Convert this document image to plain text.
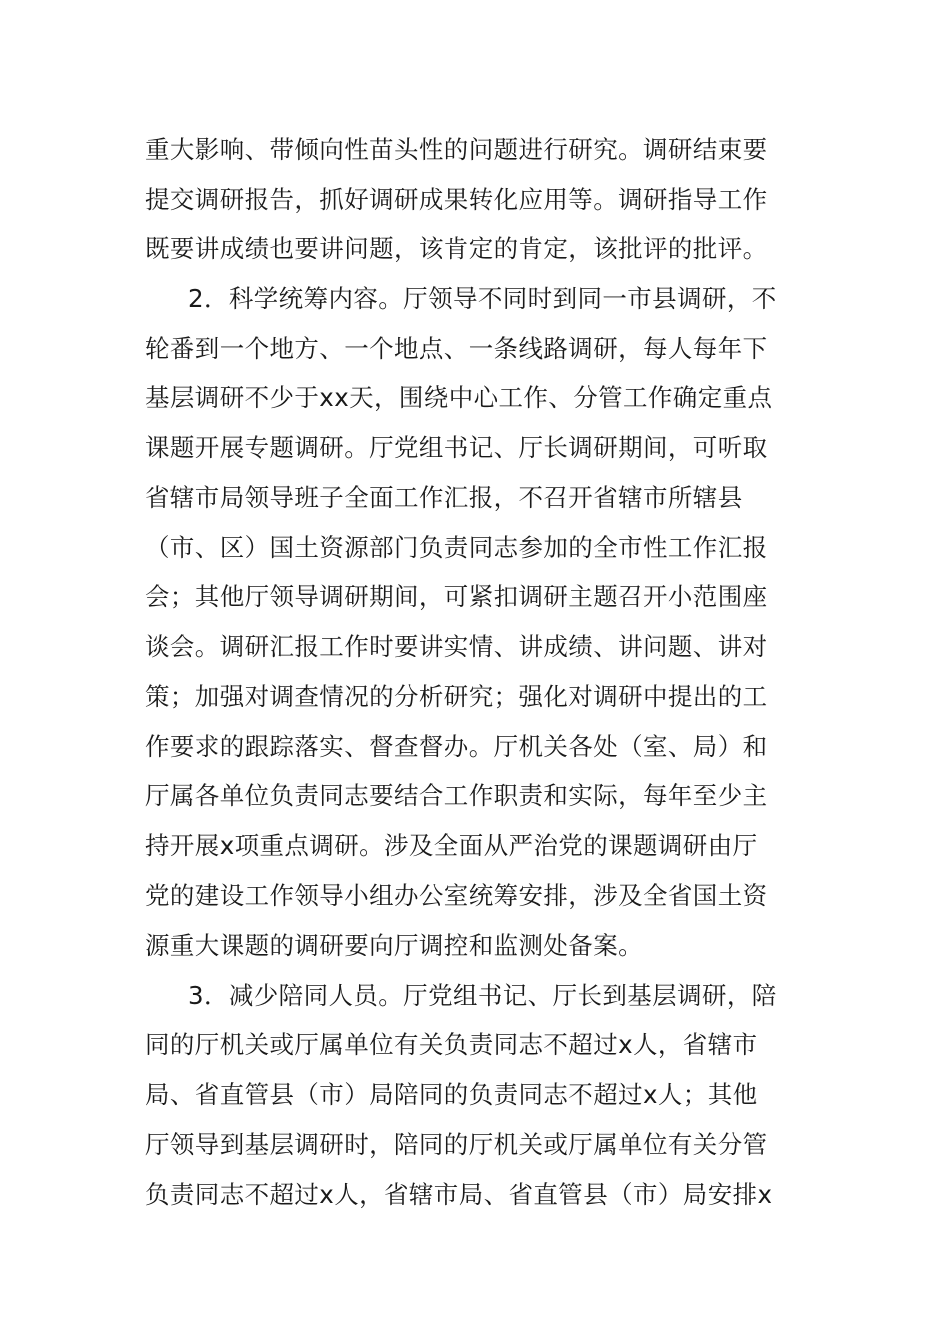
重大影响、带倾向性苗头性的问题进行研究。调研结束要
提交调研报告，抓好调研成果转化应用等。调研指导工作
既要讲成绩也要讲问题，该肯定的肯定，该批评的批评。
2．科学统筹内容。厅领导不同时到同一市县调研，不
轮番到一个地方、一个地点、一条线路调研，每人每年下
基层调研不少于xx天，围绕中心工作、分管工作确定重点
课题开展专题调研。厅党组书记、厅长调研期间，可听取
省辖市局领导班子全面工作汇报，不召开省辖市所辖县
（市、区）国土资源部门负责同志参加的全市性工作汇报
会；其他厅领导调研期间，可紧扣调研主题召开小范围座
谈会。调研汇报工作时要讲实情、讲成绩、讲问题、讲对
策；加强对调查情况的分析研究；强化对调研中提出的工
作要求的跟踪落实、督查督办。厅机关各处（室、局）和
厅属各单位负责同志要结合工作职责和实际，每年至少主
持开展x项重点调研。涉及全面从严治党的课题调研由厅
党的建设工作领导小组办公室统筹安排，涉及全省国土资
源重大课题的调研要向厅调控和监测处备案。
3．减少陪同人员。厅党组书记、厅长到基层调研，陪
同的厅机关或厅属单位有关负责同志不超过x人，省辖市
局、省直管县（市）局陪同的负责同志不超过x人；其他
厅领导到基层调研时，陪同的厅机关或厅属单位有关分管
负责同志不超过x人，省辖市局、省直管县（市）局安排x
